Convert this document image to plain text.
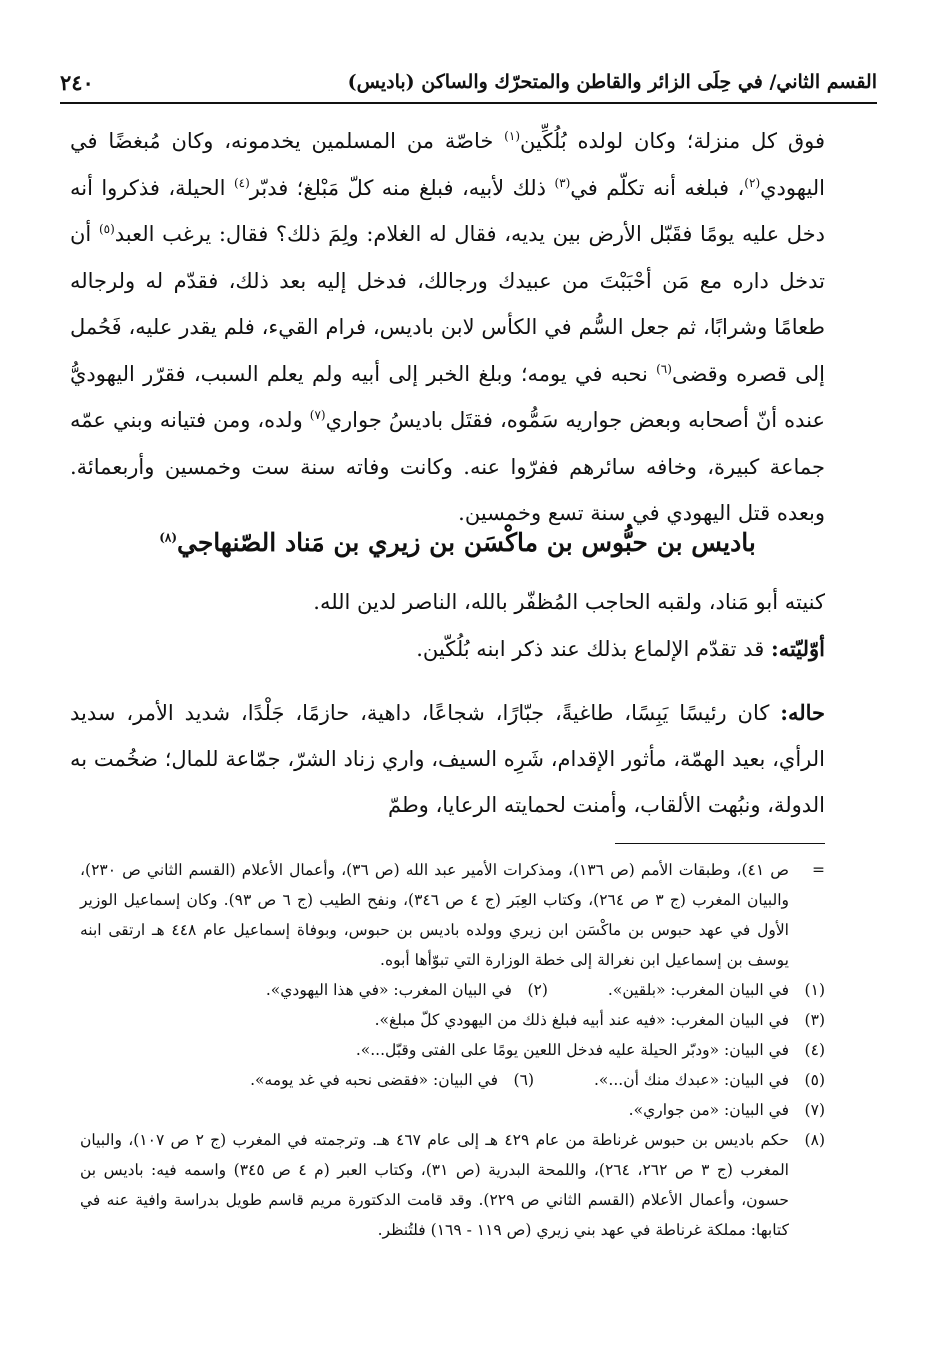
القسم الثاني/ في حِلَى الزائر والقاطن والمتحرّك والساكن (باديس)
٢٤٠

فوق كل منزلة؛ وكان لولده بُلُكِّين$^{(١)}$ خاصّة من المسلمين يخدمونه، وكان مُبغضًا في اليهودي$^{(٢)}$، فبلغه أنه تكلّم في$^{(٣)}$ ذلك لأبيه، فبلغ منه كلّ مَبْلغ؛ فدبّر$^{(٤)}$ الحيلة، فذكروا أنه دخل عليه يومًا فقَبّل الأرض بين يديه، فقال له الغلام: ولِمَ ذلك؟ فقال: يرغب العبد$^{(٥)}$ أن تدخل داره مع مَن أحْبَبْتَ من عبيدك ورجالك، فدخل إليه بعد ذلك، فقدّم له ولرجاله طعامًا وشرابًا، ثم جعل السُّم في الكأس لابن باديس، فرام القيء، فلم يقدر عليه، فَحُمل إلى قصره وقضى$^{(٦)}$ نحبه في يومه؛ وبلغ الخبر إلى أبيه ولم يعلم السبب، فقرّر اليهوديُّ عنده أنّ أصحابه وبعض جواريه سَمُّوه، فقتَل باديسُ جواري$^{(٧)}$ ولده، ومن فتيانه وبني عمّه جماعة كبيرة، وخافه سائرهم ففرّوا عنه. وكانت وفاته سنة ست وخمسين وأربعمائة. وبعده قتل اليهودي في سنة تسع وخمسين.

باديس بن حبُّوس بن ماكْسَن بن زيري بن مَناد الصّنهاجي$^{(٨)}$
كنيته أبو مَناد، ولقبه الحاجب المُظفّر بالله، الناصر لدين الله.
أوّليّته: قد تقدّم الإلماع بذلك عند ذكر ابنه بُلُكّين.
حاله: كان رئيسًا يَبِسًا، طاغيةً، جبّارًا، شجاعًا، داهية، حازمًا، جَلْدًا، شديد الأمر، سديد الرأي، بعيد الهمّة، مأثور الإقدام، شَرِه السيف، واري زناد الشرّ، جمّاعة للمال؛ ضخُمت به الدولة، ونبُهت الألقاب، وأمنت لحمايته الرعايا، وطمّ
=
ص ٤١)، وطبقات الأمم (ص ١٣٦)، ومذكرات الأمير عبد الله (ص ٣٦)، وأعمال الأعلام (القسم الثاني ص ٢٣٠)، والبيان المغرب (ج ٣ ص ٢٦٤)، وكتاب العِبَر (ج ٤ ص ٣٤٦)، ونفح الطيب (ج ٦ ص ٩٣). وكان إسماعيل الوزير الأول في عهد حبوس بن ماكْسَن ابن زيري وولده باديس بن حبوس، وبوفاة إسماعيل عام ٤٤٨ هـ ارتقى ابنه يوسف بن إسماعيل ابن نغرالة إلى خطة الوزارة التي تبوّأها أبوه.
(١)
في البيان المغرب: «بلقين».
(٢)
في البيان المغرب: «في هذا اليهودي».
(٣)
في البيان المغرب: «فيه عند أبيه فبلغ ذلك من اليهودي كلّ مبلغ».
(٤)
في البيان: «ودبّر الحيلة عليه فدخل اللعين يومًا على الفتى وقبّل...».
(٥)
في البيان: «عبدك منك أن...».
(٦)
في البيان: «فقضى نحبه في غد يومه».
(٧)
في البيان: «من جواري».
(٨)
حكم باديس بن حبوس غرناطة من عام ٤٢٩ هـ إلى عام ٤٦٧ هـ. وترجمته في المغرب (ج ٢ ص ١٠٧)، والبيان المغرب (ج ٣ ص ٢٦٢، ٢٦٤)، واللمحة البدرية (ص ٣١)، وكتاب العبر (م ٤ ص ٣٤٥) واسمه فيه: باديس بن حسون، وأعمال الأعلام (القسم الثاني ص ٢٢٩). وقد قامت الدكتورة مريم قاسم طويل بدراسة وافية عنه في كتابها: مملكة غرناطة في عهد بني زيري (ص ١١٩ - ١٦٩) فلتُنظر.
